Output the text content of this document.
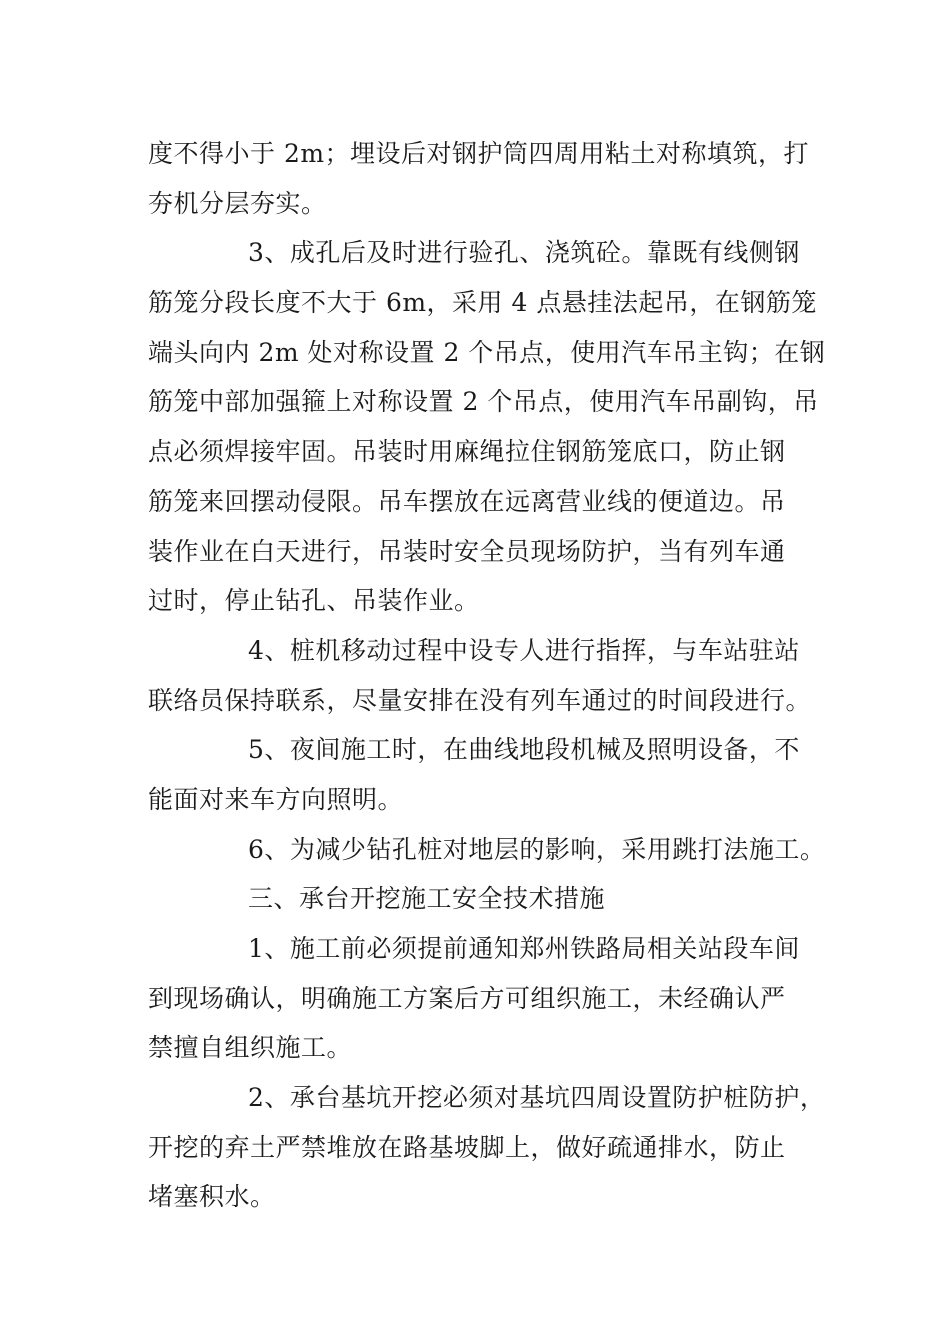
度不得小于 2m；埋设后对钢护筒四周用粘土对称填筑，打
夯机分层夯实。
3、成孔后及时进行验孔、浇筑砼。靠既有线侧钢
筋笼分段长度不大于 6m，采用 4 点悬挂法起吊，在钢筋笼
端头向内 2m 处对称设置 2 个吊点，使用汽车吊主钩；在钢
筋笼中部加强箍上对称设置 2 个吊点，使用汽车吊副钩，吊
点必须焊接牢固。吊装时用麻绳拉住钢筋笼底口，防止钢
筋笼来回摆动侵限。吊车摆放在远离营业线的便道边。吊
装作业在白天进行，吊装时安全员现场防护，当有列车通
过时，停止钻孔、吊装作业。
4、桩机移动过程中设专人进行指挥，与车站驻站
联络员保持联系，尽量安排在没有列车通过的时间段进行。
5、夜间施工时，在曲线地段机械及照明设备，不
能面对来车方向照明。
6、为减少钻孔桩对地层的影响，采用跳打法施工。
三、承台开挖施工安全技术措施
1、施工前必须提前通知郑州铁路局相关站段车间
到现场确认，明确施工方案后方可组织施工，未经确认严
禁擅自组织施工。
2、承台基坑开挖必须对基坑四周设置防护桩防护，
开挖的弃土严禁堆放在路基坡脚上，做好疏通排水，防止
堵塞积水。
